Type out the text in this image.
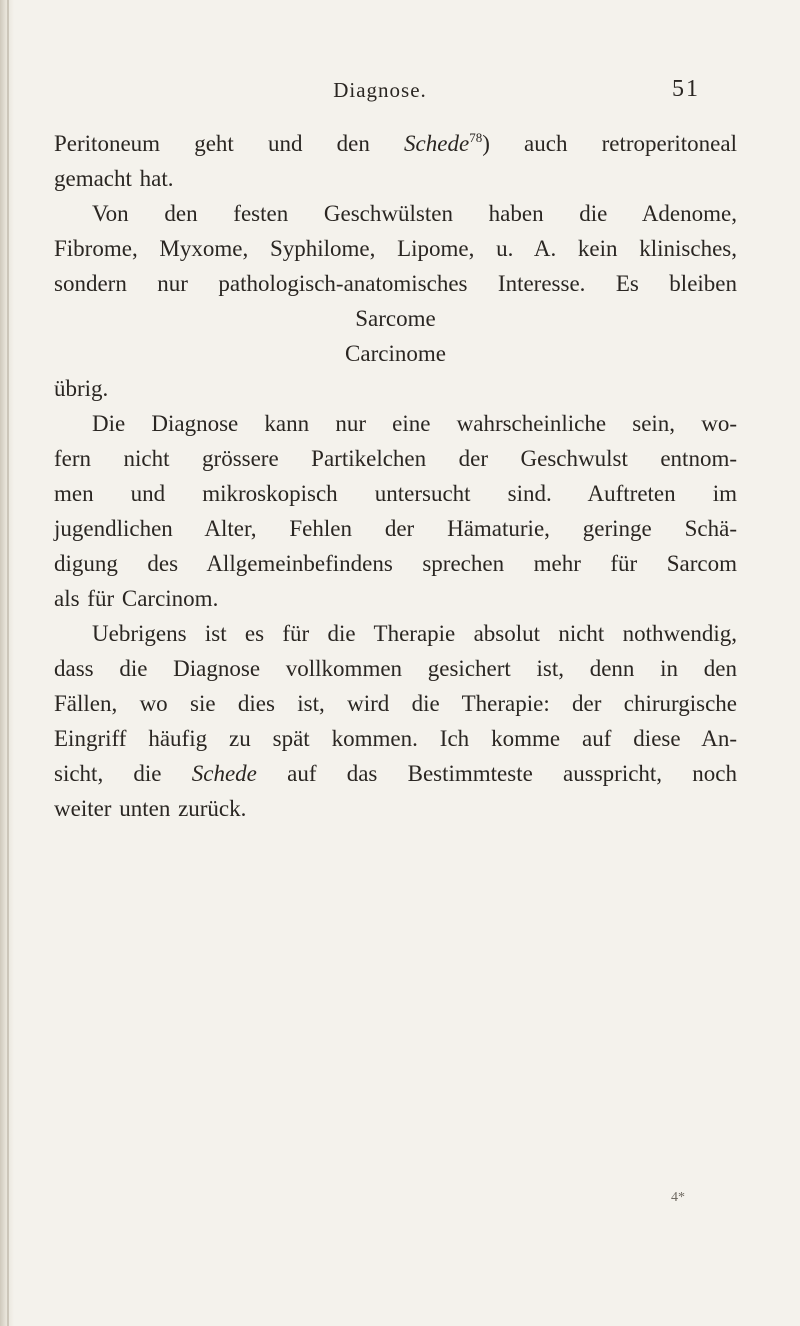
Diagnose.	51
Peritoneum geht und den Schede$^{78}$) auch retroperitoneal
gemacht hat.
Von den festen Geschwülsten haben die Adenome,
Fibrome, Myxome, Syphilome, Lipome, u. A. kein klinisches,
sondern nur pathologisch-anatomisches Interesse. Es bleiben
Sarcome
Carcinome
übrig.
Die Diagnose kann nur eine wahrscheinliche sein, wo-
fern nicht grössere Partikelchen der Geschwulst entnom-
men und mikroskopisch untersucht sind. Auftreten im
jugendlichen Alter, Fehlen der Hämaturie, geringe Schä-
digung des Allgemeinbefindens sprechen mehr für Sarcom
als für Carcinom.
Uebrigens ist es für die Therapie absolut nicht nothwendig,
dass die Diagnose vollkommen gesichert ist, denn in den
Fällen, wo sie dies ist, wird die Therapie: der chirurgische
Eingriff häufig zu spät kommen. Ich komme auf diese An-
sicht, die Schede auf das Bestimmteste ausspricht, noch
weiter unten zurück.
4*
